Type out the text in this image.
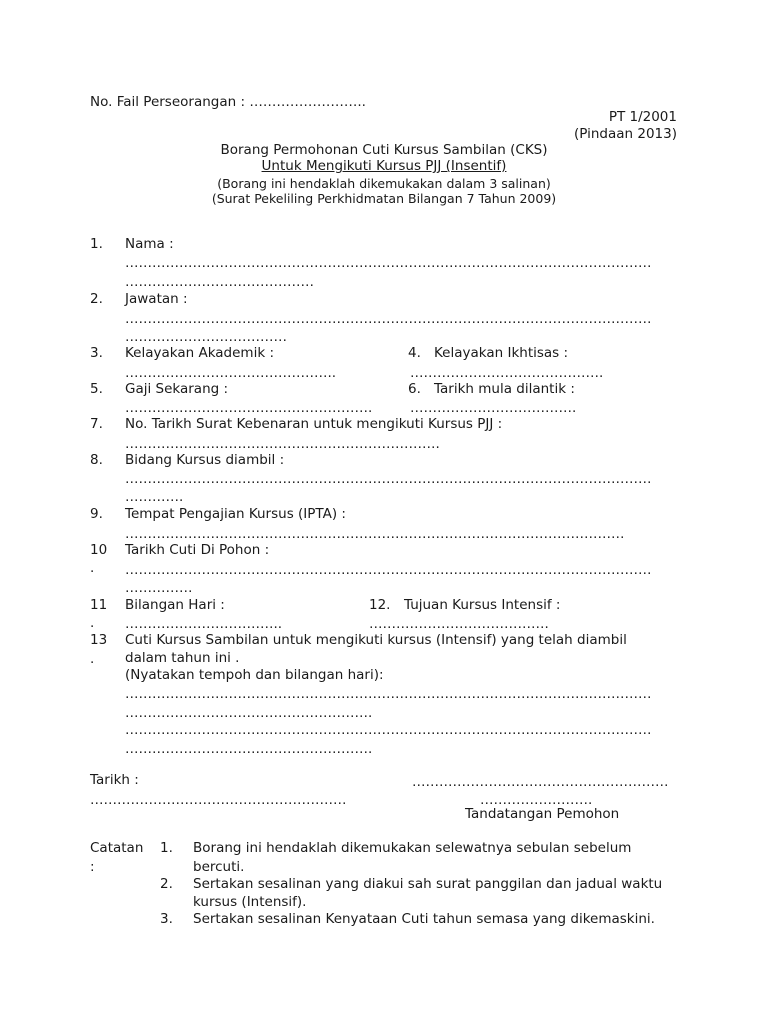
No. Fail Perseorangan : ……………………..
PT 1/2001
(Pindaan 2013)
Borang Permohonan Cuti Kursus Sambilan (CKS)
Untuk Mengikuti Kursus PJJ (Insentif)
(Borang ini hendaklah dikemukakan dalam 3 salinan)
(Surat Pekeliling Perkhidmatan Bilangan 7 Tahun 2009)
1. Nama :
………………………………………………………………………………………………………
……………………………………
2. Jawatan :
………………………………………………………………………………………………………
………………………………
3. Kelayakan Akademik :
………………………………………..
4. Kelayakan Ikhtisas :
…………………………………….
5. Gaji Sekarang :
……………………………………………….
6. Tarikh mula dilantik :
……………………………….
7. No. Tarikh Surat Kebenaran untuk mengikuti Kursus PJJ :
…………………………………………………………….
8. Bidang Kursus diambil :
………………………………………………………………………………………………………
………….
9. Tempat Pengajian Kursus (IPTA) :
…………………………………………………………………………………………………
10
.
Tarikh Cuti Di Pohon :
………………………………………………………………………………………………………
……………
11
.
Bilangan Hari :
……………………………..
12. Tujuan Kursus Intensif :
………………………………….
13
.
Cuti Kursus Sambilan untuk mengikuti kursus (Intensif) yang telah diambil
dalam tahun ini .
(Nyatakan tempoh dan bilangan hari):
………………………………………………………………………………………………………
……………………………………………….
………………………………………………………………………………………………………
……………………………………………….
Tarikh :
…………………………………………………
…………………………………………………
…………………….
Tandatangan Pemohon
Catatan
:
1. Borang ini hendaklah dikemukakan selewatnya sebulan sebelum
bercuti.
2. Sertakan sesalinan yang diakui sah surat panggilan dan jadual waktu
kursus (Intensif).
3. Sertakan sesalinan Kenyataan Cuti tahun semasa yang dikemaskini.
